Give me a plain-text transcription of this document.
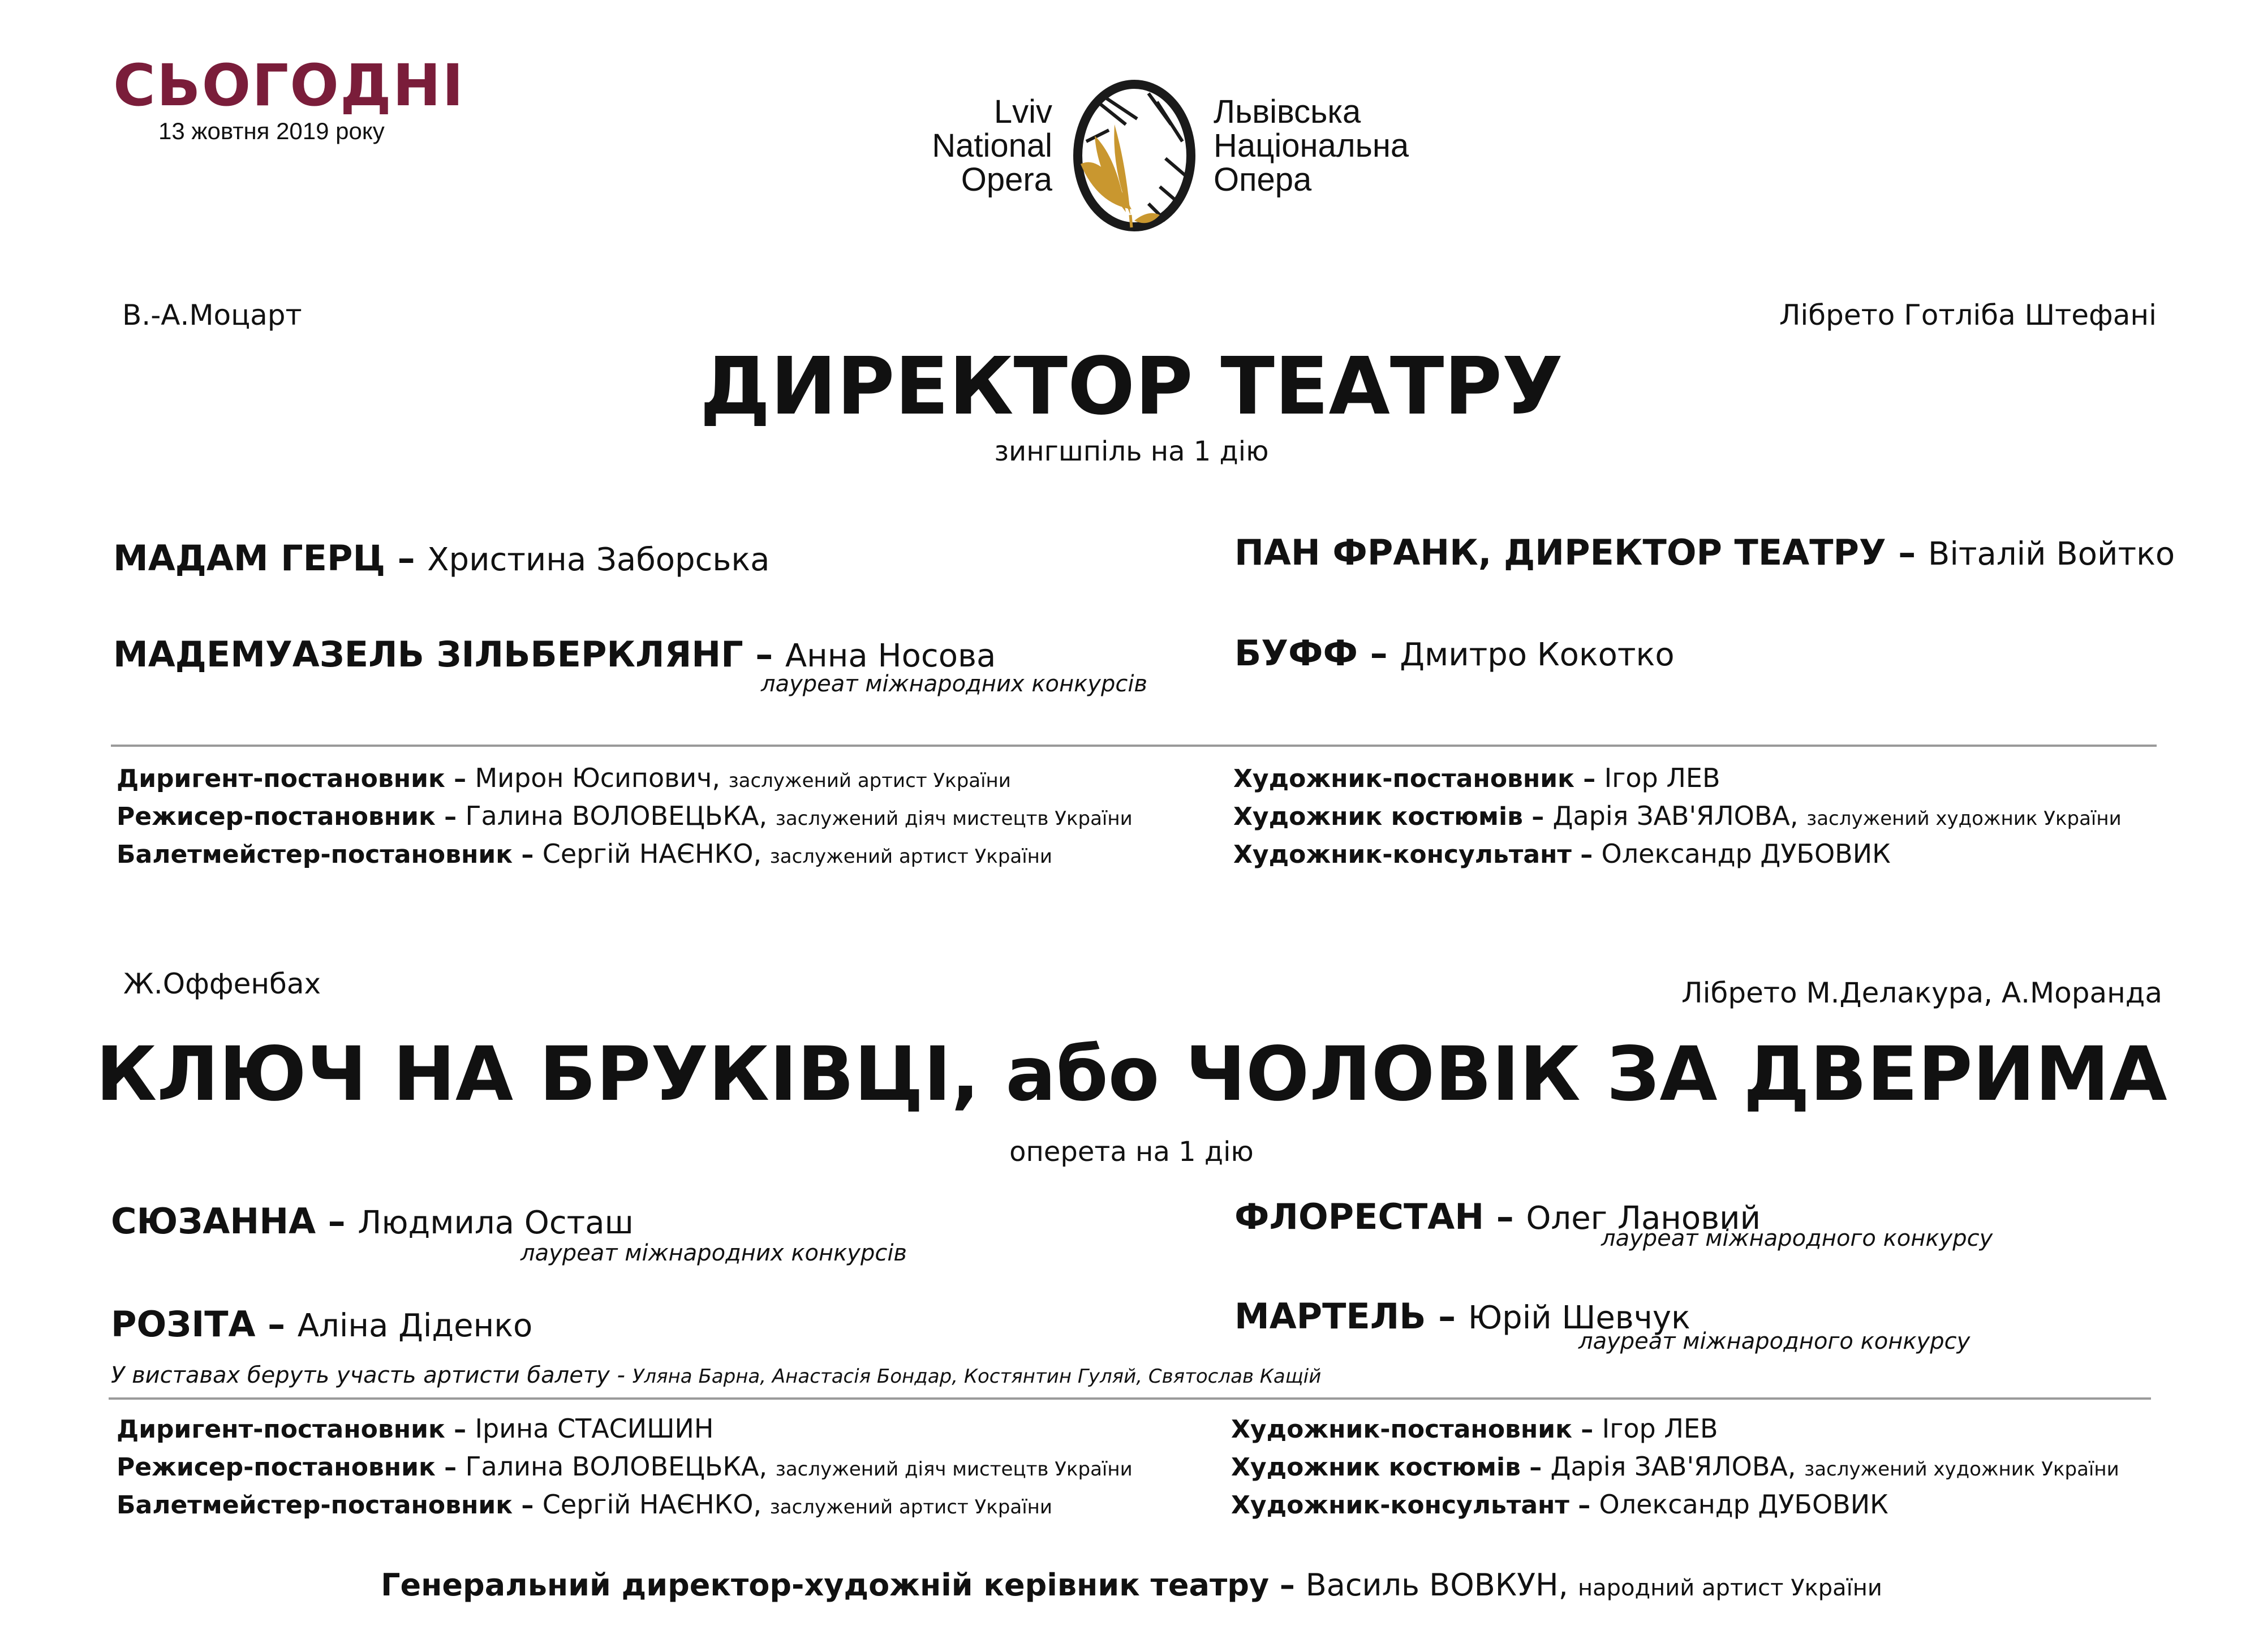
СЬОГОДНІ
13 жовтня 2019 року
Lviv
National
Opera
Львівська
Національна
Опера
В.-А.Моцарт	Лібрето Готліба Штефані
ДИРЕКТОР ТЕАТРУ
зингшпіль на 1 дію
МАДАМ ГЕРЦ – Христина Заборська
МАДЕМУАЗЕЛЬ ЗІЛЬБЕРКЛЯНГ – Анна Носова
лауреат міжнародних конкурсів
ПАН ФРАНК, ДИРЕКТОР ТЕАТРУ – Віталій Войтко
БУФФ – Дмитро Кокотко
Диригент-постановник – Мирон Юсипович, заслужений артист України
Режисер-постановник – Галина ВОЛОВЕЦЬКА, заслужений діяч мистецтв України
Балетмейстер-постановник – Сергій НАЄНКО, заслужений артист України
Художник-постановник – Ігор ЛЕВ
Художник костюмів – Дарія ЗАВ'ЯЛОВА, заслужений художник України
Художник-консультант – Олександр ДУБОВИК
Ж.Оффенбах	Лібрето М.Делакура, А.Моранда
КЛЮЧ НА БРУКІВЦІ, або ЧОЛОВІК ЗА ДВЕРИМА
оперета на 1 дію
СЮЗАННА – Людмила Осташ
лауреат міжнародних конкурсів
РОЗІТА – Аліна Діденко
ФЛОРЕСТАН – Олег Лановий
лауреат міжнародного конкурсу
МАРТЕЛЬ – Юрій Шевчук
лауреат міжнародного конкурсу
У виставах беруть участь артисти балету - Уляна Барна, Анастасія Бондар, Костянтин Гуляй, Святослав Кащій
Диригент-постановник – Ірина СТАСИШИН
Режисер-постановник – Галина ВОЛОВЕЦЬКА, заслужений діяч мистецтв України
Балетмейстер-постановник – Сергій НАЄНКО, заслужений артист України
Художник-постановник – Ігор ЛЕВ
Художник костюмів – Дарія ЗАВ'ЯЛОВА, заслужений художник України
Художник-консультант – Олександр ДУБОВИК
Генеральний директор-художній керівник театру – Василь ВОВКУН, народний артист України
